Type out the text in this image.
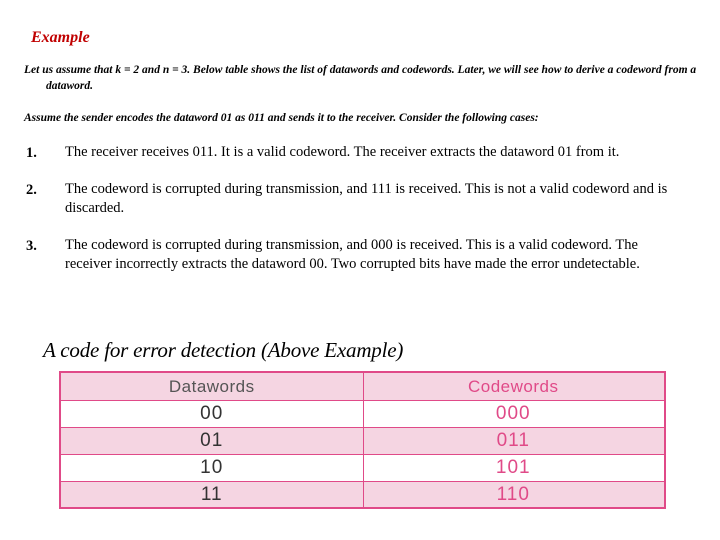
Example

Let us assume that k = 2 and n = 3. Below table shows the list of datawords and codewords. Later, we will see how to derive a codeword from a dataword.

Assume the sender encodes the dataword 01 as 011 and sends it to the receiver. Consider the following cases:

1. The receiver receives 011. It is a valid codeword. The receiver extracts the dataword 01 from it.
2. The codeword is corrupted during transmission, and 111 is received. This is not a valid codeword and is discarded.
3. The codeword is corrupted during transmission, and 000 is received. This is a valid codeword. The receiver incorrectly extracts the dataword 00. Two corrupted bits have made the error undetectable.
A code for error detection (Above Example)
Datawords	Codewords
00	000
01	011
10	101
11	110
